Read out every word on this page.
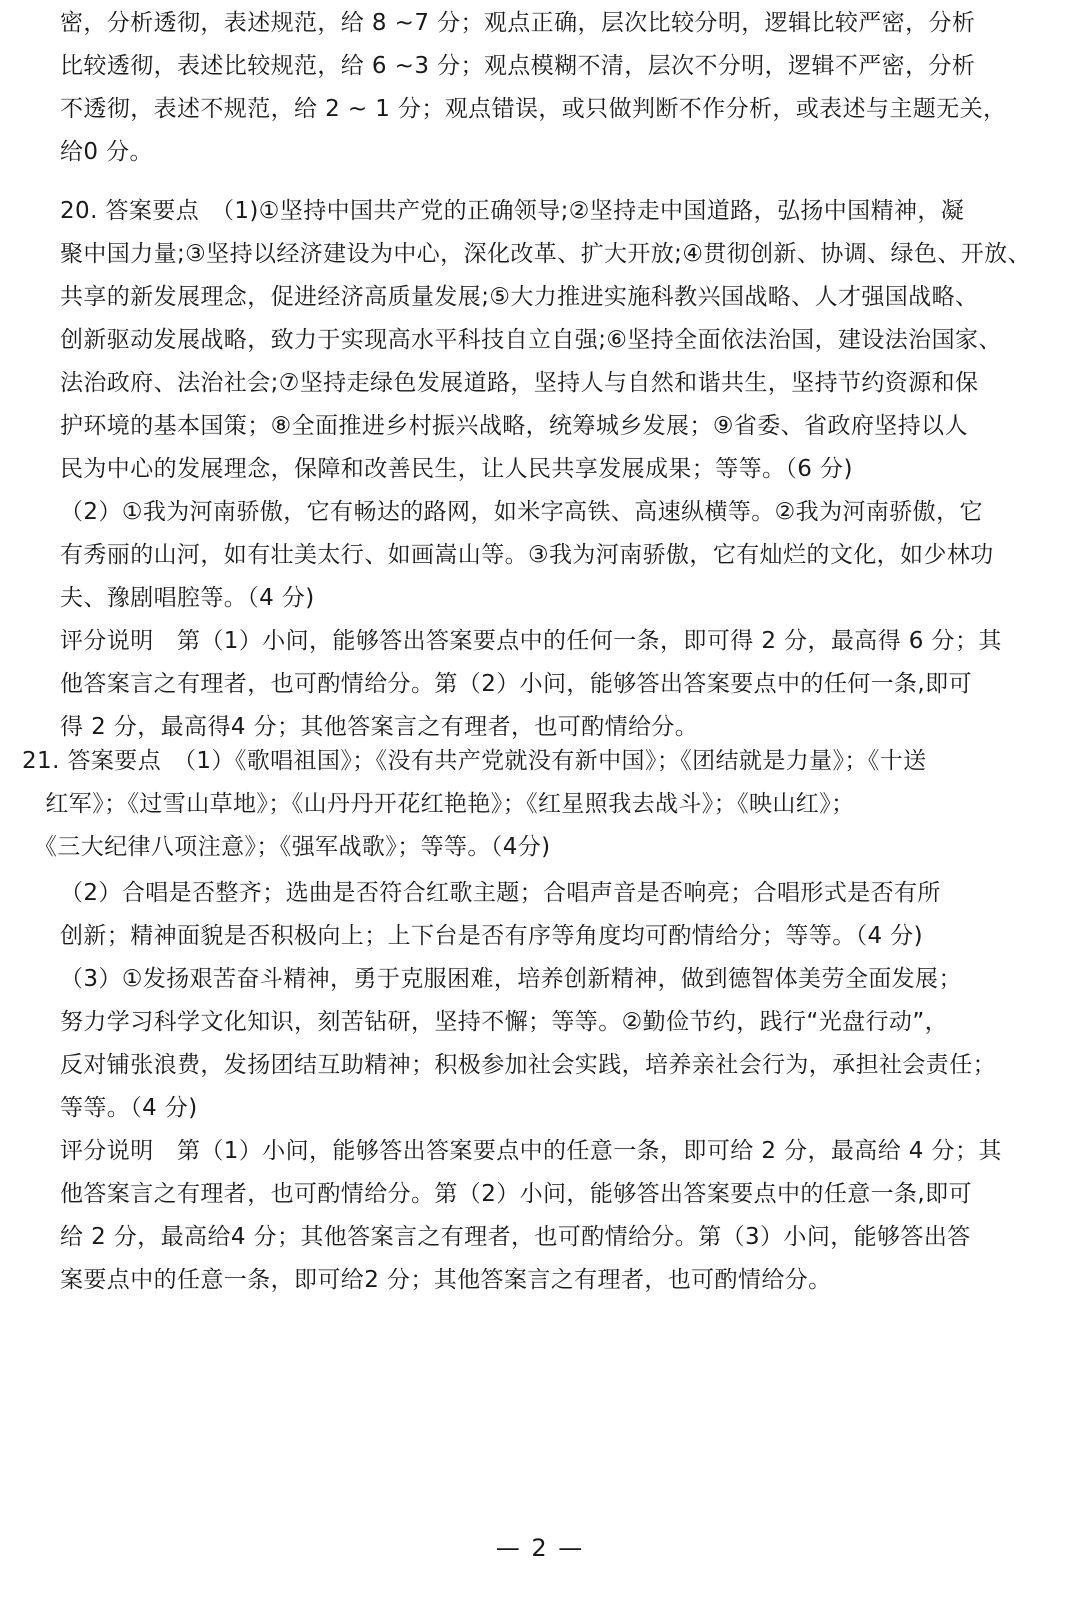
密，分析透彻，表述规范，给 8 ~7 分；观点正确，层次比较分明，逻辑比较严密，分析
比较透彻，表述比较规范，给 6 ~3 分；观点模糊不清，层次不分明，逻辑不严密，分析
不透彻，表述不规范，给 2 ~ 1 分；观点错误，或只做判断不作分析，或表述与主题无关，
给0 分。
20. 答案要点　（1)①坚持中国共产党的正确领导;②坚持走中国道路，弘扬中国精神，凝
聚中国力量;③坚持以经济建设为中心，深化改革、扩大开放;④贯彻创新、协调、绿色、开放、
共享的新发展理念，促进经济高质量发展;⑤大力推进实施科教兴国战略、人才强国战略、
创新驱动发展战略，致力于实现高水平科技自立自强;⑥坚持全面依法治国，建设法治国家、
法治政府、法治社会;⑦坚持走绿色发展道路，坚持人与自然和谐共生，坚持节约资源和保
护环境的基本国策；⑧全面推进乡村振兴战略，统筹城乡发展；⑨省委、省政府坚持以人
民为中心的发展理念，保障和改善民生，让人民共享发展成果；等等。（6 分)
（2）①我为河南骄傲，它有畅达的路网，如米字高铁、高速纵横等。②我为河南骄傲，它
有秀丽的山河，如有壮美太行、如画嵩山等。③我为河南骄傲，它有灿烂的文化，如少林功
夫、豫剧唱腔等。（4 分)
评分说明　第（1）小问，能够答出答案要点中的任何一条，即可得 2 分，最高得 6 分；其
他答案言之有理者，也可酌情给分。第（2）小问，能够答出答案要点中的任何一条,即可
得 2 分，最高得4 分；其他答案言之有理者，也可酌情给分。
21. 答案要点　（1）《歌唱祖国》；《没有共产党就没有新中国》；《团结就是力量》；《十送
　红军》；《过雪山草地》；《山丹丹开花红艳艳》；《红星照我去战斗》；《映山红》；
　《三大纪律八项注意》；《强军战歌》；等等。（4分)
（2）合唱是否整齐；选曲是否符合红歌主题；合唱声音是否响亮；合唱形式是否有所
创新；精神面貌是否积极向上；上下台是否有序等角度均可酌情给分；等等。（4 分)
（3）①发扬艰苦奋斗精神，勇于克服困难，培养创新精神，做到德智体美劳全面发展；
努力学习科学文化知识，刻苦钻研，坚持不懈；等等。②勤俭节约，践行“光盘行动”，
反对铺张浪费，发扬团结互助精神；积极参加社会实践，培养亲社会行为，承担社会责任；
等等。（4 分)
评分说明　第（1）小问，能够答出答案要点中的任意一条，即可给 2 分，最高给 4 分；其
他答案言之有理者，也可酌情给分。第（2）小问，能够答出答案要点中的任意一条,即可
给 2 分，最高给4 分；其他答案言之有理者，也可酌情给分。第（3）小问，能够答出答
案要点中的任意一条，即可给2 分；其他答案言之有理者，也可酌情给分。
— 2 —
